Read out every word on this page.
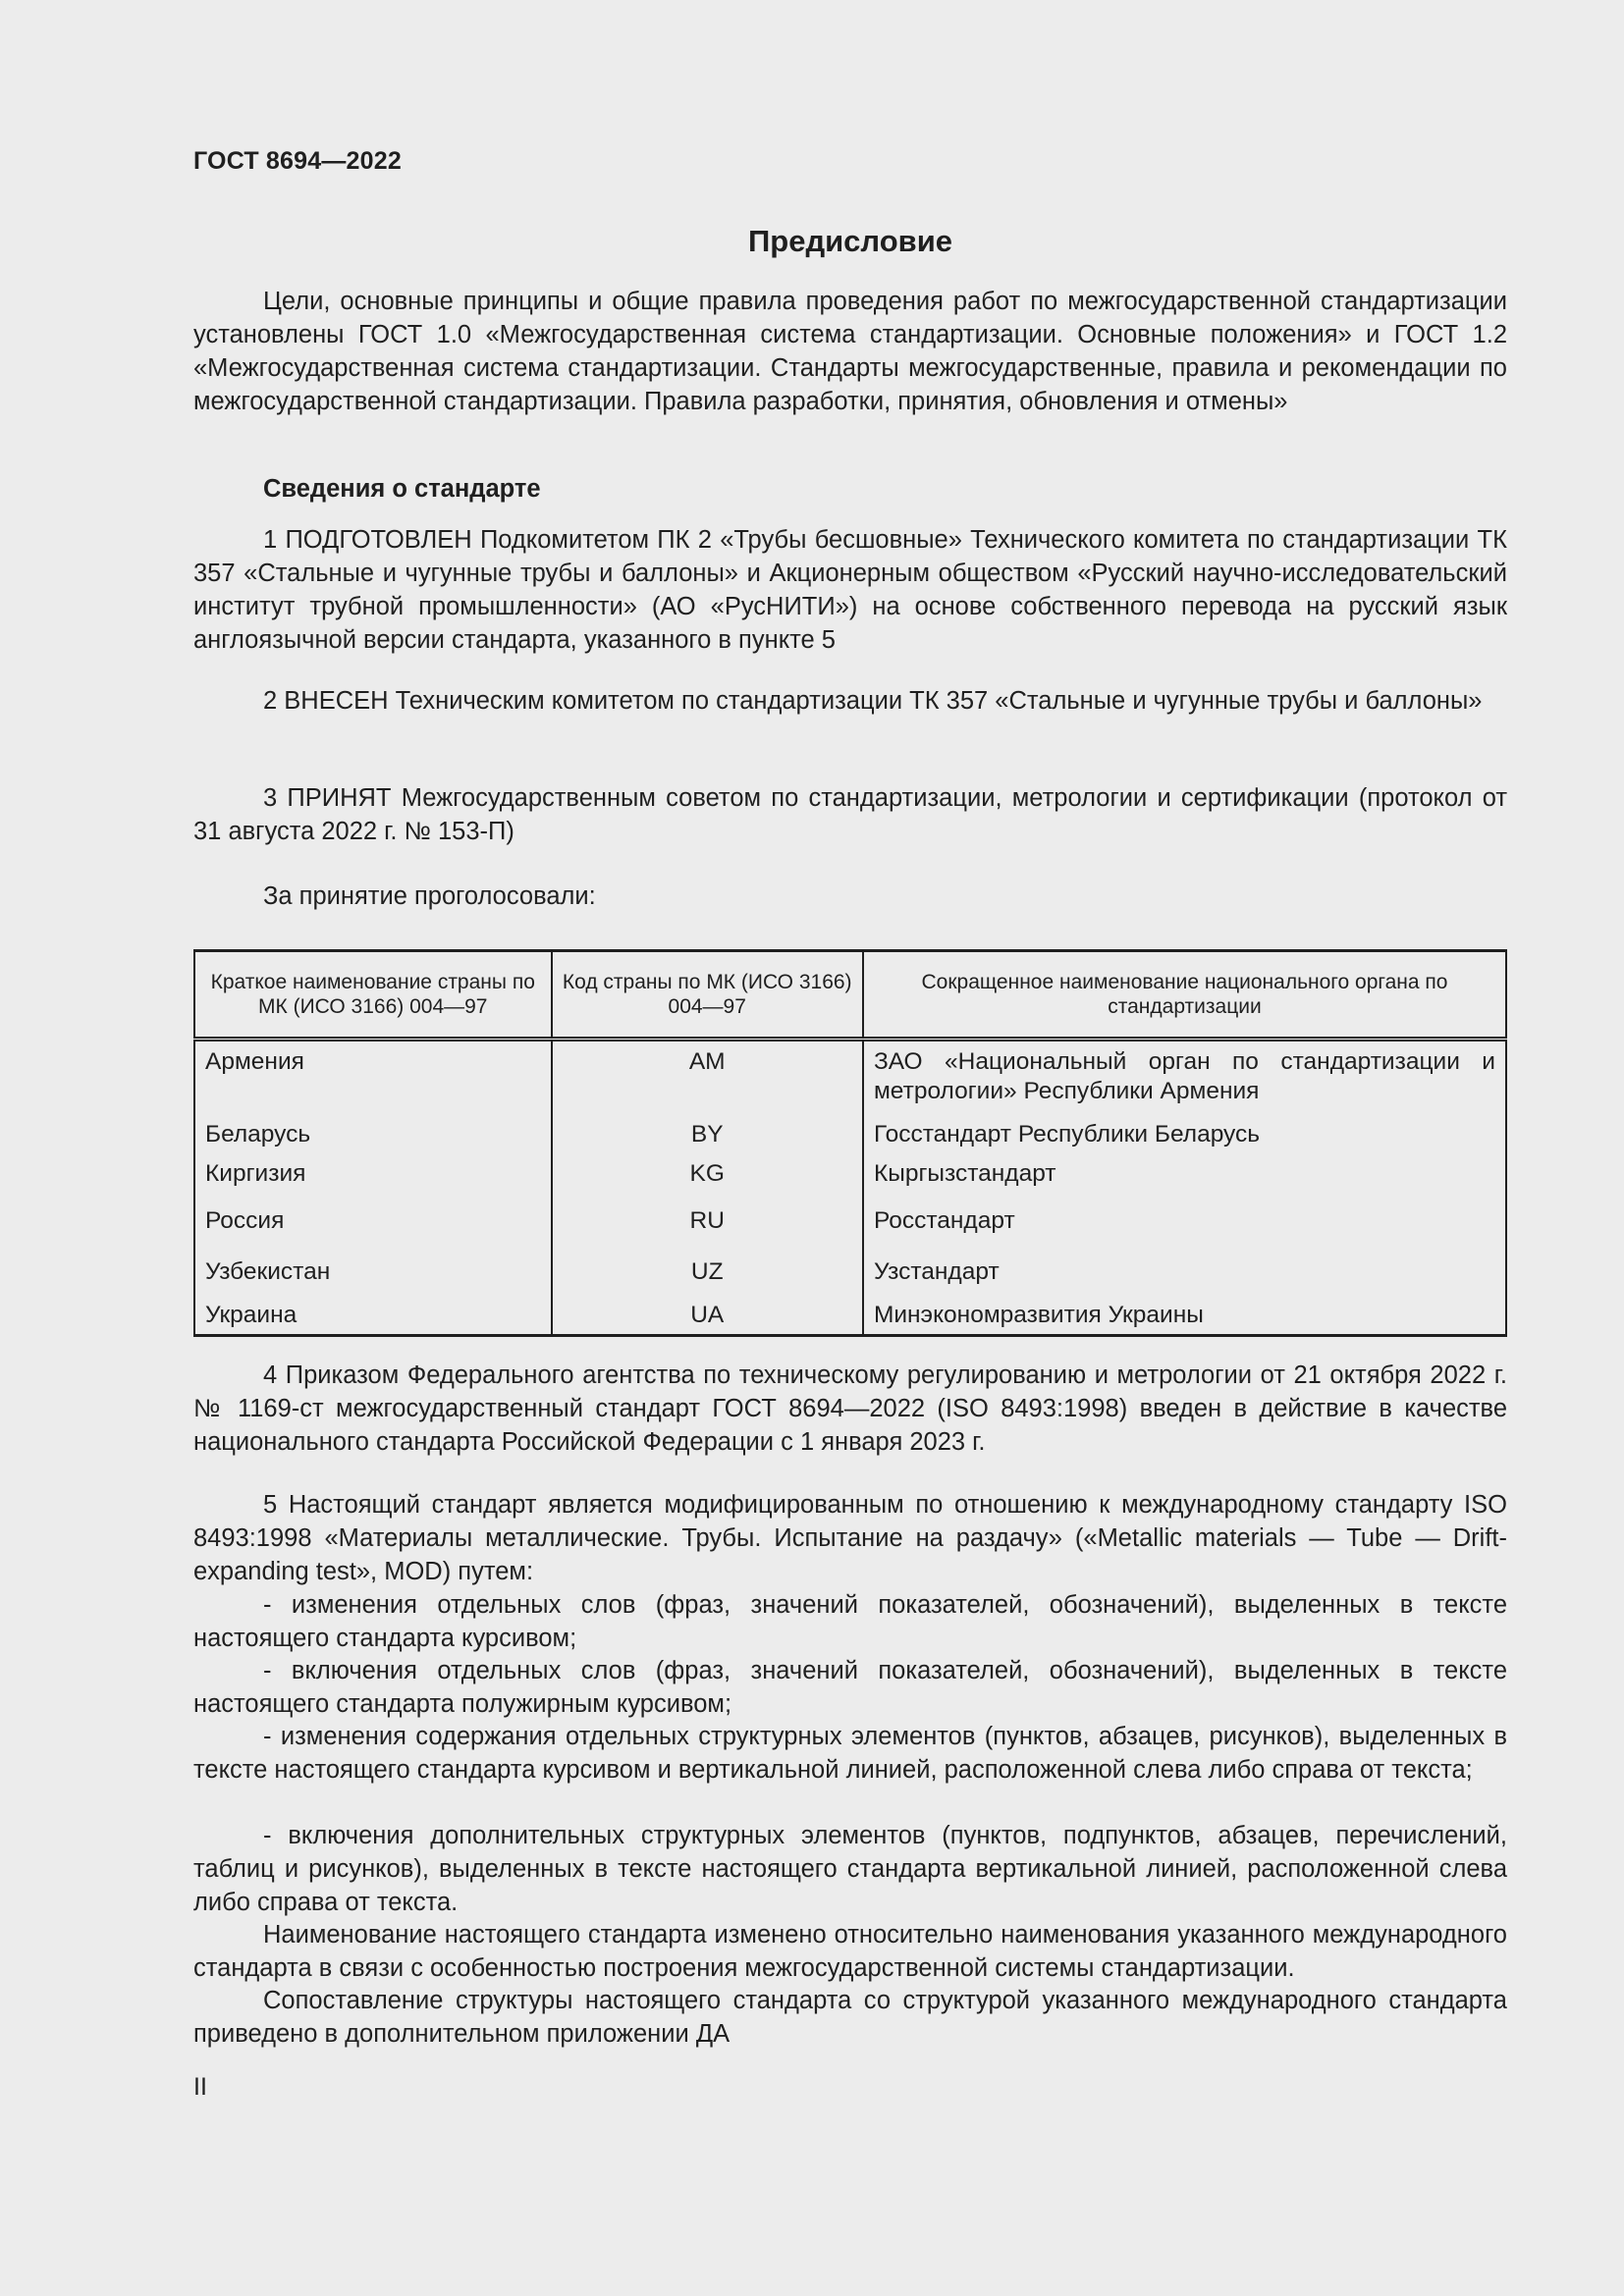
ГОСТ 8694—2022
Предисловие

Цели, основные принципы и общие правила проведения работ по межгосударственной стандартизации установлены ГОСТ 1.0 «Межгосударственная система стандартизации. Основные положения» и ГОСТ 1.2 «Межгосударственная система стандартизации. Стандарты межгосударственные, правила и рекомендации по межгосударственной стандартизации. Правила разработки, принятия, обновления и отмены»

Сведения о стандарте

1 ПОДГОТОВЛЕН Подкомитетом ПК 2 «Трубы бесшовные» Технического комитета по стандартизации ТК 357 «Стальные и чугунные трубы и баллоны» и Акционерным обществом «Русский научно-исследовательский институт трубной промышленности» (АО «РусНИТИ») на основе собственного перевода на русский язык англоязычной версии стандарта, указанного в пункте 5

2 ВНЕСЕН Техническим комитетом по стандартизации ТК 357 «Стальные и чугунные трубы и баллоны»

3 ПРИНЯТ Межгосударственным советом по стандартизации, метрологии и сертификации (протокол от 31 августа 2022 г. № 153-П)

За принятие проголосовали:

Краткое наименование страны по МК (ИСО 3166) 004—97	Код страны по МК (ИСО 3166) 004—97	Сокращенное наименование национального органа по стандартизации
Армения	AM	ЗАО «Национальный орган по стандартизации и метрологии» Республики Армения
Беларусь	BY	Госстандарт Республики Беларусь
Киргизия	KG	Кыргызстандарт
Россия	RU	Росстандарт
Узбекистан	UZ	Узстандарт
Украина	UA	Минэкономразвития Украины

4 Приказом Федерального агентства по техническому регулированию и метрологии от 21 октября 2022 г. № 1169-ст межгосударственный стандарт ГОСТ 8694—2022 (ISO 8493:1998) введен в действие в качестве национального стандарта Российской Федерации с 1 января 2023 г.

5 Настоящий стандарт является модифицированным по отношению к международному стандарту ISO 8493:1998 «Материалы металлические. Трубы. Испытание на раздачу» («Metallic materials — Tube — Drift-expanding test», MOD) путем:

- изменения отдельных слов (фраз, значений показателей, обозначений), выделенных в тексте настоящего стандарта курсивом;

- включения отдельных слов (фраз, значений показателей, обозначений), выделенных в тексте настоящего стандарта полужирным курсивом;

- изменения содержания отдельных структурных элементов (пунктов, абзацев, рисунков), выделенных в тексте настоящего стандарта курсивом и вертикальной линией, расположенной слева либо справа от текста;

- включения дополнительных структурных элементов (пунктов, подпунктов, абзацев, перечислений, таблиц и рисунков), выделенных в тексте настоящего стандарта вертикальной линией, расположенной слева либо справа от текста.

Наименование настоящего стандарта изменено относительно наименования указанного международного стандарта в связи с особенностью построения межгосударственной системы стандартизации.

Сопоставление структуры настоящего стандарта со структурой указанного международного стандарта приведено в дополнительном приложении ДА

II
